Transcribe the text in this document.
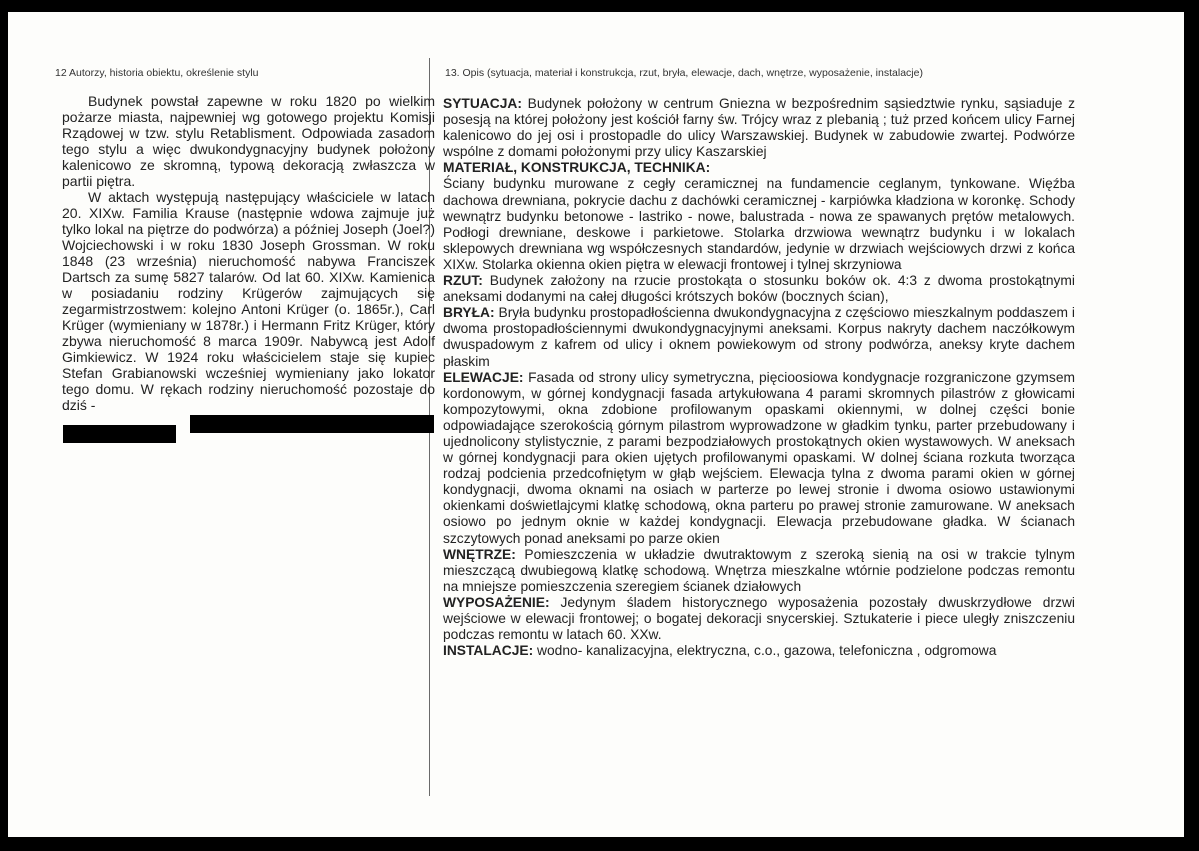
12 Autorzy, historia obiektu, określenie stylu	13. Opis (sytuacja, materiał i konstrukcja, rzut, bryła, elewacje, dach, wnętrze, wyposażenie, instalacje)

Budynek powstał zapewne w roku 1820 po wielkim pożarze miasta, najpewniej wg gotowego projektu Komisji Rządowej w tzw. stylu Retablisment. Odpowiada zasadom tego stylu a więc dwukondygnacyjny budynek położony kalenicowo ze skromną, typową dekoracją zwłaszcza w partii piętra.

W aktach występują następujący właściciele w latach 20. XIXw. Familia Krause (następnie wdowa zajmuje już tylko lokal na piętrze do podwórza) a później Joseph (Joel?) Wojciechowski i w roku 1830 Joseph Grossman. W roku 1848 (23 września) nieruchomość nabywa Franciszek Dartsch za sumę 5827 talarów. Od lat 60. XIXw. Kamienica w posiadaniu rodziny Krügerów zajmujących się zegarmistrzostwem: kolejno Antoni Krüger (o. 1865r.), Carl Krüger (wymieniany w 1878r.) i Hermann Fritz Krüger, który zbywa nieruchomość 8 marca 1909r. Nabywcą jest Adolf Gimkiewicz. W 1924 roku właścicielem staje się kupiec Stefan Grabianowski wcześniej wymieniany jako lokator tego domu. W rękach rodziny nieruchomość pozostaje do dziś -

SYTUACJA: Budynek położony w centrum Gniezna w bezpośrednim sąsiedztwie rynku, sąsiaduje z posesją na której położony jest kościół farny św. Trójcy wraz z plebanią ; tuż przed końcem ulicy Farnej kalenicowo do jej osi i prostopadle do ulicy Warszawskiej. Budynek w zabudowie zwartej. Podwórze wspólne z domami położonymi przy ulicy Kaszarskiej

MATERIAŁ, KONSTRUKCJA, TECHNIKA:

Ściany budynku murowane z cegły ceramicznej na fundamencie ceglanym, tynkowane. Więźba dachowa drewniana, pokrycie dachu z dachówki ceramicznej - karpiówka kładziona w koronkę. Schody wewnątrz budynku betonowe - lastriko - nowe, balustrada - nowa ze spawanych prętów metalowych. Podłogi drewniane, deskowe i parkietowe. Stolarka drzwiowa wewnątrz budynku i w lokalach sklepowych drewniana wg współczesnych standardów, jedynie w drzwiach wejściowych drzwi z końca XIXw. Stolarka okienna okien piętra w elewacji frontowej i tylnej skrzyniowa

RZUT: Budynek założony na rzucie prostokąta o stosunku boków ok. 4:3 z dwoma prostokątnymi aneksami dodanymi na całej długości krótszych boków (bocznych ścian),

BRYŁA: Bryła budynku prostopadłościenna dwukondygnacyjna z częściowo mieszkalnym poddaszem i dwoma prostopadłościennymi dwukondygnacyjnymi aneksami. Korpus nakryty dachem naczółkowym dwuspadowym z kafrem od ulicy i oknem powiekowym od strony podwórza, aneksy kryte dachem płaskim

ELEWACJE: Fasada od strony ulicy symetryczna, pięcioosiowa kondygnacje rozgraniczone gzymsem kordonowym, w górnej kondygnacji fasada artykułowana 4 parami skromnych pilastrów z głowicami kompozytowymi, okna zdobione profilowanym opaskami okiennymi, w dolnej części bonie odpowiadające szerokością górnym pilastrom wyprowadzone w gładkim tynku, parter przebudowany i ujednolicony stylistycznie, z parami bezpodziałowych prostokątnych okien wystawowych. W aneksach w górnej kondygnacji para okien ujętych profilowanymi opaskami. W dolnej ściana rozkuta tworząca rodzaj podcienia przedcofniętym w głąb wejściem. Elewacja tylna z dwoma parami okien w górnej kondygnacji, dwoma oknami na osiach w parterze po lewej stronie i dwoma osiowo ustawionymi okienkami doświetlajcymi klatkę schodową, okna parteru po prawej stronie zamurowane. W aneksach osiowo po jednym oknie w każdej kondygnacji. Elewacja przebudowane gładka. W ścianach szczytowych ponad aneksami po parze okien

WNĘTRZE: Pomieszczenia w układzie dwutraktowym z szeroką sienią na osi w trakcie tylnym mieszczącą dwubiegową klatkę schodową. Wnętrza mieszkalne wtórnie podzielone podczas remontu na mniejsze pomieszczenia szeregiem ścianek działowych

WYPOSAŻENIE: Jedynym śladem historycznego wyposażenia pozostały dwuskrzydłowe drzwi wejściowe w elewacji frontowej; o bogatej dekoracji snycerskiej. Sztukaterie i piece uległy zniszczeniu podczas remontu w latach 60. XXw.

INSTALACJE: wodno- kanalizacyjna, elektryczna, c.o., gazowa, telefoniczna , odgromowa
